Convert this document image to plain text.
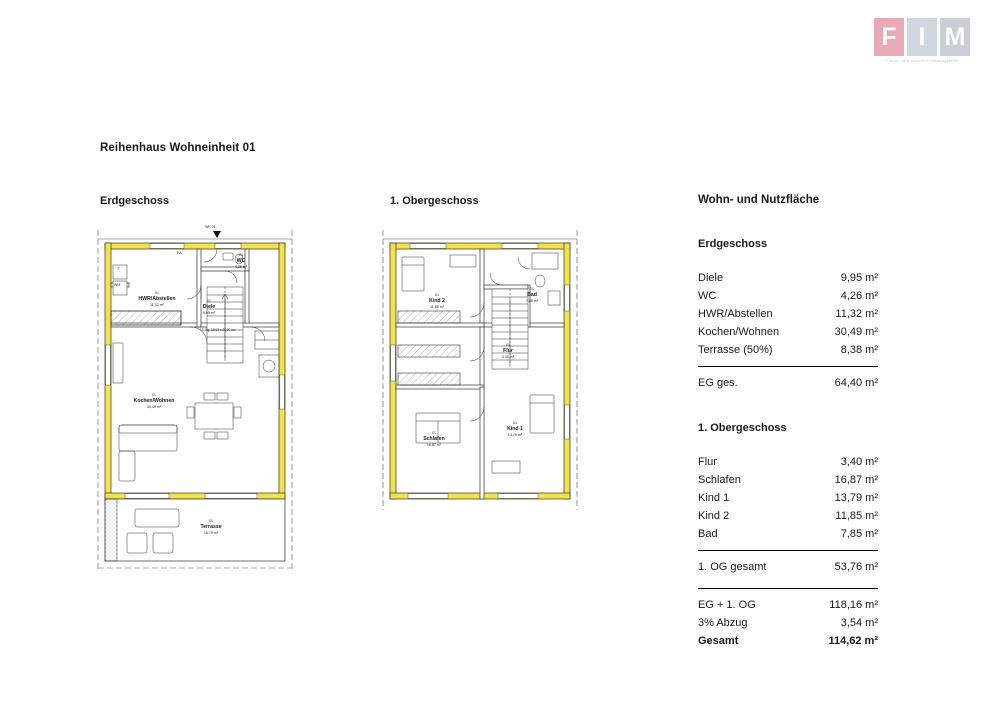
F I M
Finanz- und Immobilienmanagement
Reihenhaus Wohneinheit 01
Erdgeschoss	1. Obergeschoss
01
HWR/Abstellen
11,32 m²
01
Diele
9,95 m²
01
WC
4,26 m²
01
Kochen/Wohnen
30,49 m²
01
Terrasse
16,75 m²
WE 01
15 Stg. 19,53 x 26,00 cm
WM
T
HA
01
Kind 2
11,85 m²
01
Bad
7,85 m²
01
Flur
3,40 m²
01
Schlafen
16,87 m²
01
Kind 1
13,79 m²
Wohn- und Nutzfläche
Erdgeschoss
Diele	9,95 m²
WC	4,26 m²
HWR/Abstellen	11,32 m²
Kochen/Wohnen	30,49 m²
Terrasse (50%)	8,38 m²
EG ges.	64,40 m²
1. Obergeschoss
Flur	3,40 m²
Schlafen	16,87 m²
Kind 1	13,79 m²
Kind 2	11,85 m²
Bad	7,85 m²
1. OG gesamt	53,76 m²
EG + 1. OG	118,16 m²
3% Abzug	3,54 m²
Gesamt	114,62 m²
